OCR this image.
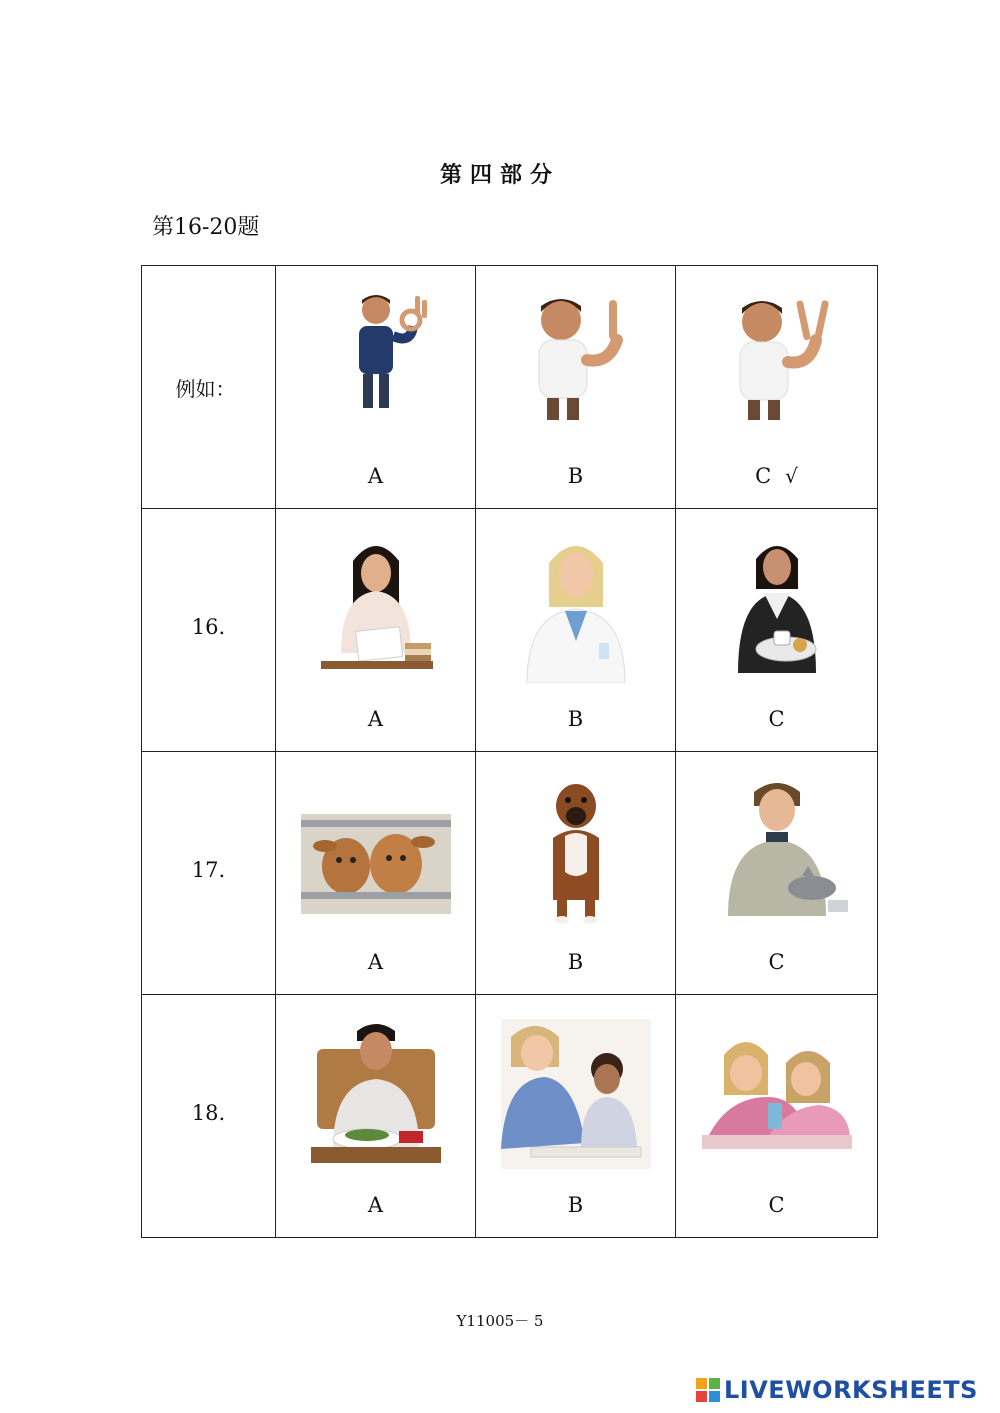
第四部分
第16-20题
例如：	A	B	C √

16.	A	B	C

17.	A	B	C

18.	A	B	C
Y11005－ 5
LIVEWORKSHEETS
